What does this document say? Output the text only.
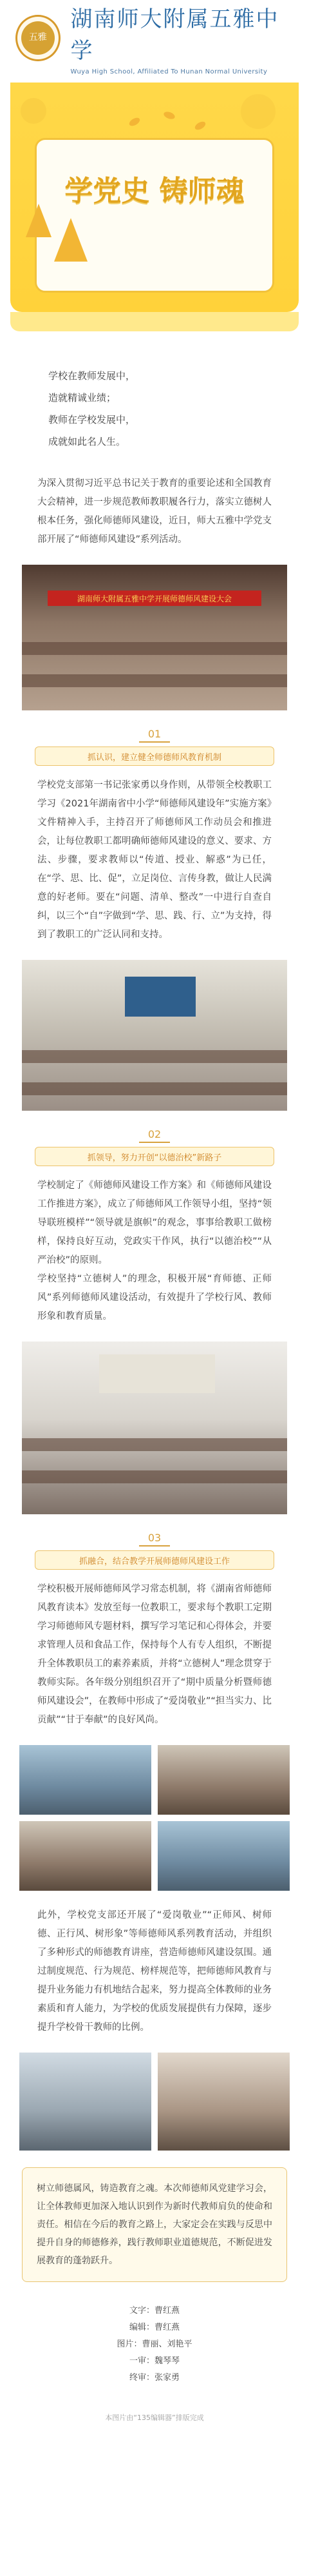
五雅
湖南师大附属五雅中学
Wuya High School, Affiliated To Hunan Normal University
学党史 铸师魂
学校在教师发展中，
造就精诚业绩；
教师在学校发展中，
成就如此名人生。
为深入贯彻习近平总书记关于教育的重要论述和全国教育大会精神，进一步规范教师教职履各行力，落实立德树人根本任务，强化师德师风建设，近日，师大五雅中学党支部开展了“师德师风建设”系列活动。
湖南师大附属五雅中学开展师德师风建设大会
01
抓认识，建立健全师德师风教育机制
学校党支部第一书记张家勇以身作则，从带领全校教职工学习《2021年湖南省中小学“师德师风建设年”实施方案》文件精神入手，主持召开了师德师风工作动员会和推进会，让每位教职工都明确师德师风建设的意义、要求、方法、步骤，要求教师以“传道、授业、解惑”为已任，在“学、思、比、促”，立足岗位、言传身教，做让人民满意的好老师。要在“问题、清单、整改”一中进行自查自纠，以三个“自”字做到“学、思、践、行、立”为支持，得到了教职工的广泛认同和支持。
02
抓领导，努力开创“以德治校”新路子
学校制定了《师德师风建设工作方案》和《师德师风建设工作推进方案》，成立了师德师风工作领导小组，坚持“领导联班模样”“领导就是旗帜”的观念，事事给教职工做榜样，保持良好互动，党政实干作风，执行“以德治校”“从严治校”的原则。
学校坚持“立德树人”的理念，积极开展“育师德、正师风”系列师德师风建设活动，有效提升了学校行风、教师形象和教育质量。
03
抓融合，结合教学开展师德师风建设工作
学校积极开展师德师风学习常态机制，将《湖南省师德师风教育读本》发放至每一位教职工，要求每个教职工定期学习师德师风专题材料，撰写学习笔记和心得体会，并要求管理人员和食品工作，保持每个人有专人组织，不断提升全体教职员工的素养素质，并将“立德树人”理念贯穿于教师实际。各年级分别组织召开了“期中质量分析暨师德师风建设会”，在教师中形成了“爱岗敬业”“担当实力、比贡献”“甘于奉献”的良好风尚。
此外，学校党支部还开展了“爱岗敬业”“正师风、树师德、正行风、树形象”等师德师风系列教育活动，并组织了多种形式的师德教育讲座，营造师德师风建设氛围。通过制度规范、行为规范、榜样规范等，把师德师风教育与提升业务能力有机地结合起来，努力提高全体教师的业务素质和育人能力，为学校的优质发展提供有力保障，逐步提升学校骨干教师的比例。
树立师德属风，铸造教育之魂。本次师德师风党建学习会，让全体教师更加深入地认识到作为新时代教师肩负的使命和责任。相信在今后的教育之路上，大家定会在实践与反思中提升自身的师德修养，践行教师职业道德规范，不断促进发展教育的蓬勃跃升。
文字：曹红燕
编辑：曹红燕
图片：曹丽、刘艳平
一审：魏琴琴
终审：张家勇
本图片由“135编辑器”排版完成
